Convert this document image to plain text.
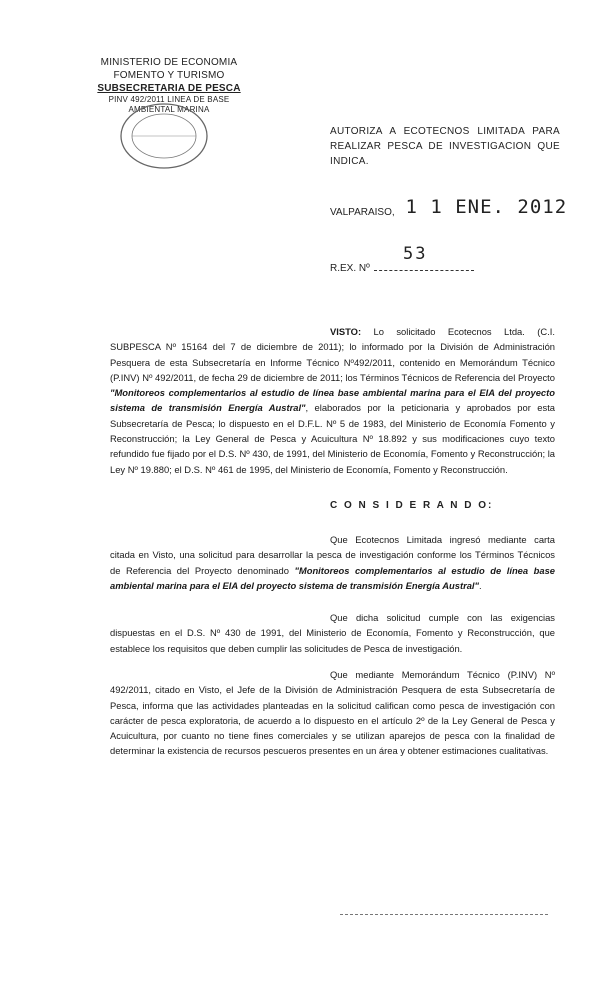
MINISTERIO DE ECONOMIA
FOMENTO Y TURISMO
SUBSECRETARIA DE PESCA
PINV 492/2011 LINEA DE BASE
AMBIENTAL MARINA
AUTORIZA A ECOTECNOS LIMITADA PARA REALIZAR PESCA DE INVESTIGACION QUE INDICA.
VALPARAISO, 1 1 ENE. 2012
53
R.EX. Nº
VISTO: Lo solicitado Ecotecnos Ltda. (C.I. SUBPESCA Nº 15164 del 7 de diciembre de 2011); lo informado por la División de Administración Pesquera de esta Subsecretaría en Informe Técnico Nº492/2011, contenido en Memorándum Técnico (P.INV) Nº 492/2011, de fecha 29 de diciembre de 2011; los Términos Técnicos de Referencia del Proyecto "Monitoreos complementarios al estudio de línea base ambiental marina para el EIA del proyecto sistema de transmisión Energía Austral", elaborados por la peticionaria y aprobados por esta Subsecretaría de Pesca; lo dispuesto en el D.F.L. Nº 5 de 1983, del Ministerio de Economía Fomento y Reconstrucción; la Ley General de Pesca y Acuicultura Nº 18.892 y sus modificaciones cuyo texto refundido fue fijado por el D.S. Nº 430, de 1991, del Ministerio de Economía, Fomento y Reconstrucción; la Ley Nº 19.880; el D.S. Nº 461 de 1995, del Ministerio de Economía, Fomento y Reconstrucción.
C O N S I D E R A N D O:
Que Ecotecnos Limitada ingresó mediante carta citada en Visto, una solicitud para desarrollar la pesca de investigación conforme los Términos Técnicos de Referencia del Proyecto denominado "Monitoreos complementarios al estudio de línea base ambiental marina para el EIA del proyecto sistema de transmisión Energía Austral".
Que dicha solicitud cumple con las exigencias dispuestas en el D.S. Nº 430 de 1991, del Ministerio de Economía, Fomento y Reconstrucción, que establece los requisitos que deben cumplir las solicitudes de Pesca de investigación.
Que mediante Memorándum Técnico (P.INV) Nº 492/2011, citado en Visto, el Jefe de la División de Administración Pesquera de esta Subsecretaría de Pesca, informa que las actividades planteadas en la solicitud califican como pesca de investigación con carácter de pesca exploratoria, de acuerdo a lo dispuesto en el artículo 2º de la Ley General de Pesca y Acuicultura, por cuanto no tiene fines comerciales y se utilizan aparejos de pesca con la finalidad de determinar la existencia de recursos pescueros presentes en un área y obtener estimaciones cualitativas.
